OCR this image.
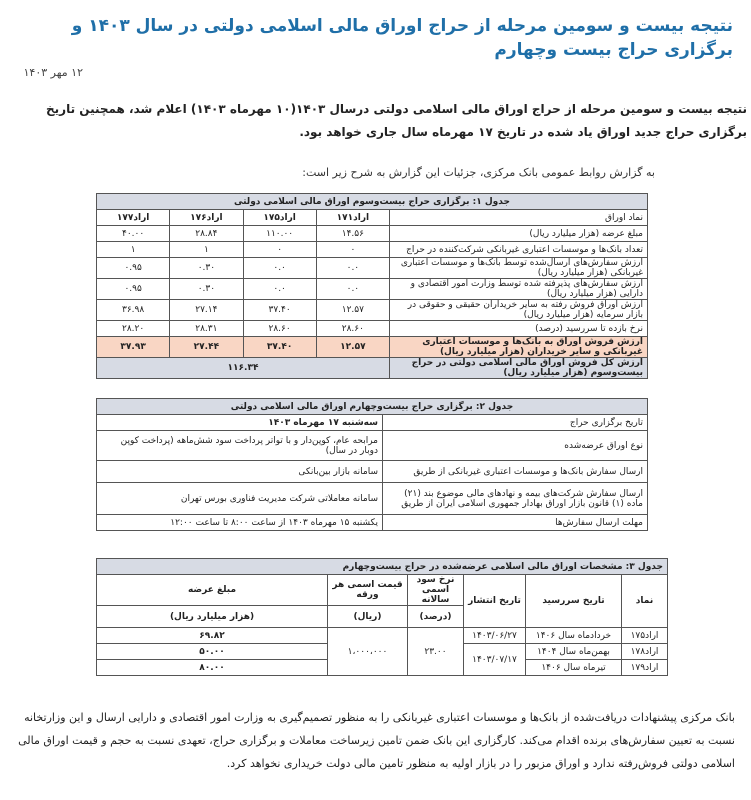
نتیجه بیست و سومین مرحله از حراج اوراق مالی اسلامی دولتی در سال ۱۴۰۳ و برگزاری حراج بیست وچهارم
۱۲ مهر ۱۴۰۳
نتیجه بیست و سومین مرحله از حراج اوراق مالی اسلامی دولتی درسال ۱۴۰۳(۱۰ مهرماه ۱۴۰۳) اعلام شد، همچنین تاریخ برگزاری حراج جدید اوراق یاد شده در تاریخ ۱۷ مهرماه سال جاری خواهد بود.
به گزارش روابط عمومی بانک مرکزی، جزئیات این گزارش به شرح زیر است:
جدول ۱: برگزاری حراج بیست‌وسوم اوراق مالی اسلامی دولتی				
نماد اوراق	اراد۱۷۱	اراد۱۷۵	اراد۱۷۶	اراد۱۷۷
مبلغ عرضه (هزار میلیارد ریال)	۱۴.۵۶	۱۱۰.۰۰	۲۸.۸۴	۴۰.۰۰
تعداد بانک‌ها و موسسات اعتباری غیربانکی شرکت‌کننده در حراج	۰	۰	۱	۱
ارزش سفارش‌های ارسال‌شده توسط بانک‌ها و موسسات اعتباری غیربانکی (هزار میلیارد ریال)	۰.۰	۰.۰	۰.۳۰	۰.۹۵
ارزش سفارش‌های پذیرفته شده توسط وزارت امور اقتصادی و دارایی (هزار میلیارد ریال)	۰.۰	۰.۰	۰.۳۰	۰.۹۵
ارزش اوراق فروش رفته به سایر خریداران حقیقی و حقوقی در بازار سرمایه (هزار میلیارد ریال)	۱۲.۵۷	۳۷.۴۰	۲۷.۱۴	۳۶.۹۸
نرخ بازده تا سررسید (درصد)	۲۸.۶۰	۲۸.۶۰	۲۸.۳۱	۲۸.۲۰
ارزش فروش اوراق به بانک‌ها و موسسات اعتباری غیربانکی و سایر خریداران (هزار میلیارد ریال)	۱۲.۵۷	۳۷.۴۰	۲۷.۴۴	۳۷.۹۳
ارزش کل فروش اوراق مالی اسلامی دولتی در حراج بیست‌وسوم (هزار میلیارد ریال)	۱۱۶.۳۴			
جدول ۲: برگزاری حراج بیست‌وچهارم اوراق مالی اسلامی دولتی	
تاریخ برگزاری حراج	سه‌شنبه ۱۷ مهرماه ۱۴۰۳
نوع اوراق عرضه‌شده	مرابحه عام، کوپن‌دار و با تواتر پرداخت سود شش‌ماهه (پرداخت کوپن دوبار در سال)
ارسال سفارش بانک‌ها و موسسات اعتباری غیربانکی از طریق	سامانه بازار بین‌بانکی
ارسال سفارش شرکت‌های بیمه و نهادهای مالی موضوع بند (۲۱) ماده (۱) قانون بازار اوراق بهادار جمهوری اسلامی ایران از طریق	سامانه معاملاتی شرکت مدیریت فناوری بورس تهران
مهلت ارسال سفارش‌ها	یکشنبه ۱۵ مهرماه ۱۴۰۳ از ساعت ۸:۰۰ تا ساعت ۱۲:۰۰
جدول ۳: مشخصات اوراق مالی اسلامی عرضه‌شده در حراج بیست‌وچهارم					
نماد	تاریخ سررسید	تاریخ انتشار	نرخ سود اسمی سالانه	قیمت اسمی هر ورقه	مبلغ عرضه
			(درصد)	(ریال)	(هزار میلیارد ریال)
اراد۱۷۵	خردادماه سال ۱۴۰۶	۱۴۰۳/۰۶/۲۷	۲۳.۰۰	۱،۰۰۰،۰۰۰	۶۹.۸۲
اراد۱۷۸	بهمن‌ماه سال ۱۴۰۴	۱۴۰۳/۰۷/۱۷			۵۰.۰۰
اراد۱۷۹	تیرماه سال ۱۴۰۶				۸۰.۰۰
بانک مرکزی پیشنهادات دریافت‌شده از بانک‌ها و موسسات اعتباری غیربانکی را به منظور تصمیم‌گیری به وزارت امور اقتصادی و دارایی ارسال و این وزارتخانه نسبت به تعیین سفارش‌های برنده اقدام می‌کند. کارگزاری این بانک ضمن تامین زیرساخت معاملات و برگزاری حراج، تعهدی نسبت به حجم و قیمت اوراق مالی اسلامی دولتی فروش‌رفته ندارد و اوراق مزبور را در بازار اولیه به منظور تامین مالی دولت خریداری نخواهد کرد.
